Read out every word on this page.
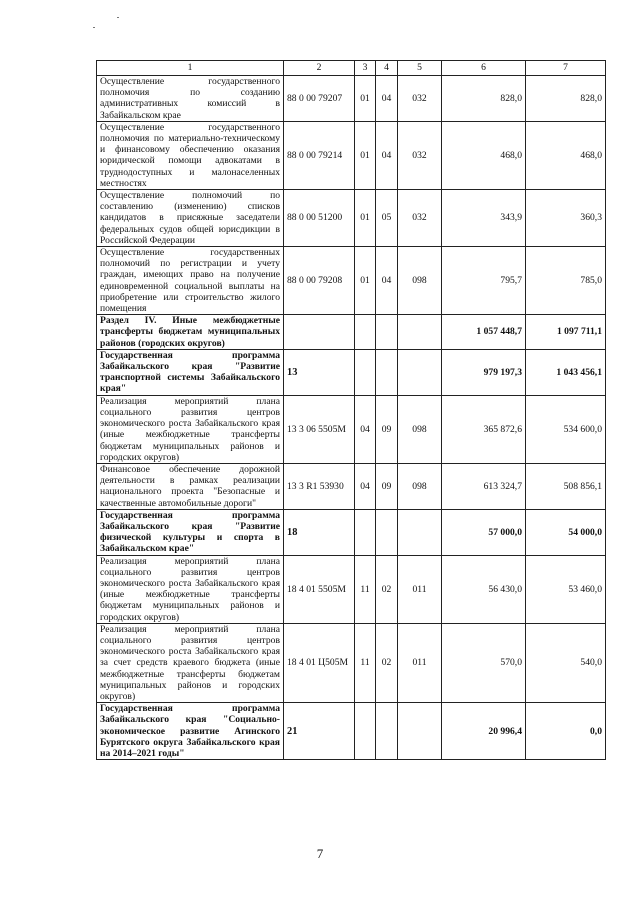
1	2	3	4	5	6	7
Осуществление государственного полномочия по созданию административных комиссий в Забайкальском крае	88 0 00 79207	01	04	032	828,0	828,0
Осуществление государственного полномочия по материально-техническому и финансовому обеспечению оказания юридической помощи адвокатами в труднодоступных и малонаселенных местностях	88 0 00 79214	01	04	032	468,0	468,0
Осуществление полномочий по составлению (изменению) списков кандидатов в присяжные заседатели федеральных судов общей юрисдикции в Российской Федерации	88 0 00 51200	01	05	032	343,9	360,3
Осуществление государственных полномочий по регистрации и учету граждан, имеющих право на получение единовременной социальной выплаты на приобретение или строительство жилого помещения	88 0 00 79208	01	04	098	795,7	785,0
Раздел IV. Иные межбюджетные трансферты бюджетам муниципальных районов (городских округов)					1 057 448,7	1 097 711,1
Государственная программа Забайкальского края "Развитие транспортной системы Забайкальского края"	13				979 197,3	1 043 456,1
Реализация мероприятий плана социального развития центров экономического роста Забайкальского края (иные межбюджетные трансферты бюджетам муниципальных районов и городских округов)	13 3 06 5505M	04	09	098	365 872,6	534 600,0
Финансовое обеспечение дорожной деятельности в рамках реализации национального проекта "Безопасные и качественные автомобильные дороги"	13 3 R1 53930	04	09	098	613 324,7	508 856,1
Государственная программа Забайкальского края "Развитие физической культуры и спорта в Забайкальском крае"	18				57 000,0	54 000,0
Реализация мероприятий плана социального развития центров экономического роста Забайкальского края (иные межбюджетные трансферты бюджетам муниципальных районов и городских округов)	18 4 01 5505M	11	02	011	56 430,0	53 460,0
Реализация мероприятий плана социального развития центров экономического роста Забайкальского края за счет средств краевого бюджета (иные межбюджетные трансферты бюджетам муниципальных районов и городских округов)	18 4 01 Ц505M	11	02	011	570,0	540,0
Государственная программа Забайкальского края "Социально-экономическое развитие Агинского Бурятского округа Забайкальского края на 2014–2021 годы"	21				20 996,4	0,0
7
